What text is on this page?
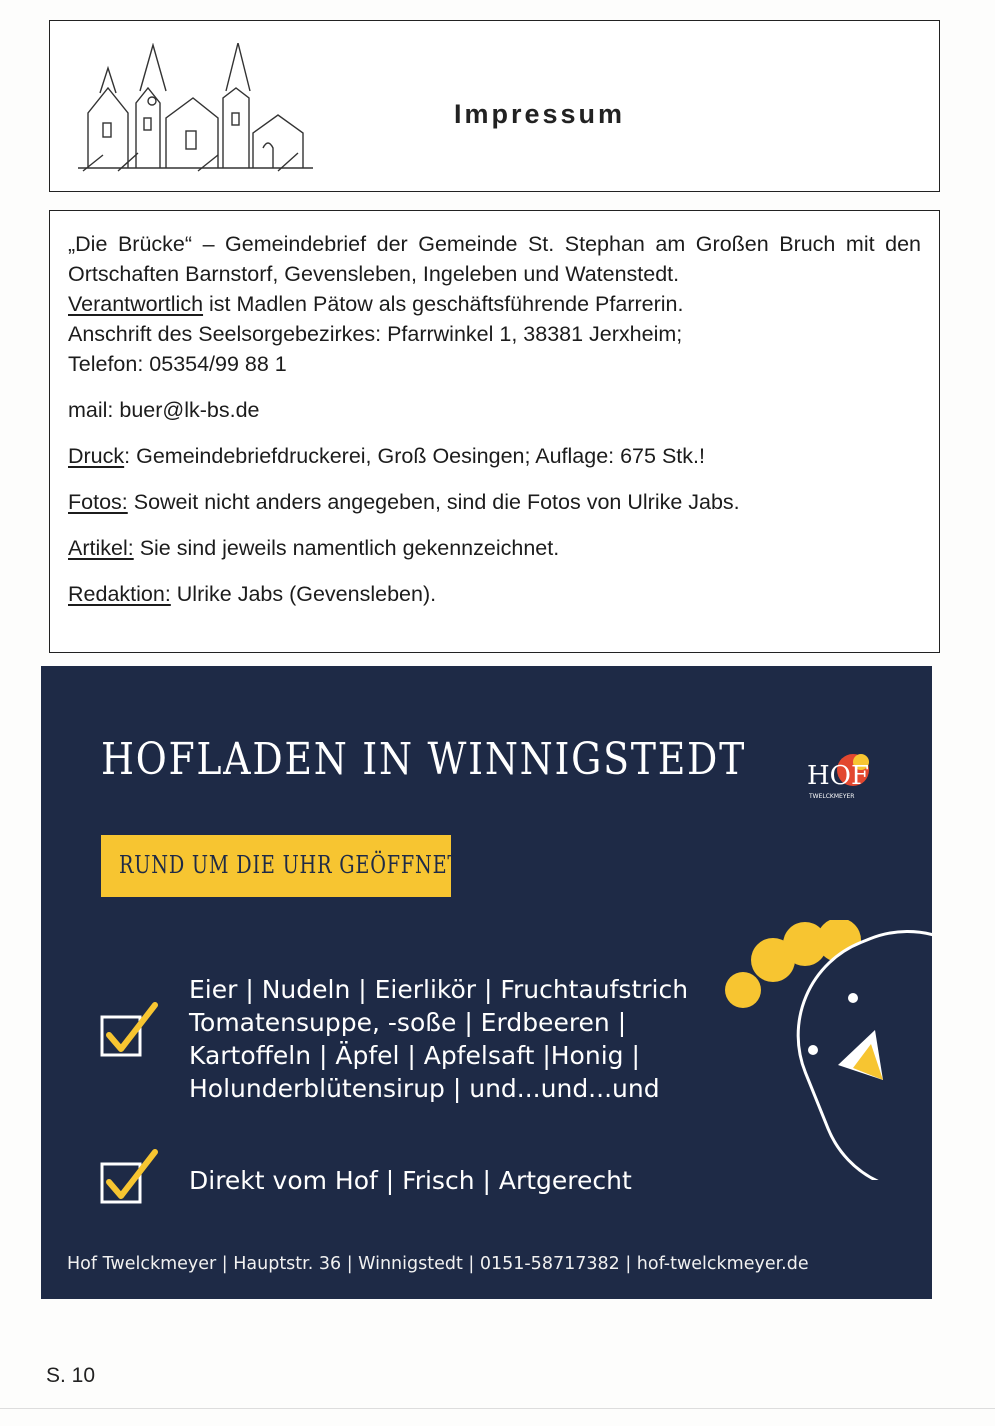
Impressum

„Die Brücke“ – Gemeindebrief der Gemeinde St. Stephan am Großen Bruch mit den Ortschaften Barnstorf, Gevensleben, Ingeleben und Watenstedt.

Verantwortlich ist Madlen Pätow als geschäftsführende Pfarrerin.

Anschrift des Seelsorgebezirkes: Pfarrwinkel 1, 38381 Jerxheim;

Telefon: 05354/99 88 1

mail: buer@lk-bs.de

Druck: Gemeindebriefdruckerei, Groß Oesingen; Auflage: 675 Stk.!

Fotos: Soweit nicht anders angegeben, sind die Fotos von Ulrike Jabs.

Artikel: Sie sind jeweils namentlich gekennzeichnet.

Redaktion: Ulrike Jabs (Gevensleben).

HOFLADEN IN WINNIGSTEDT HOF
TWELCKMEYER
RUND UM DIE UHR GEÖFFNET
Eier | Nudeln | Eierlikör | Fruchtaufstrich
Tomatensuppe, -soße | Erdbeeren |
Kartoffeln | Äpfel | Apfelsaft |Honig |
Holunderblütensirup | und...und...und
Direkt vom Hof | Frisch | Artgerecht
Hof Twelckmeyer | Hauptstr. 36 | Winnigstedt | 0151-58717382 | hof-twelckmeyer.de
S. 10
